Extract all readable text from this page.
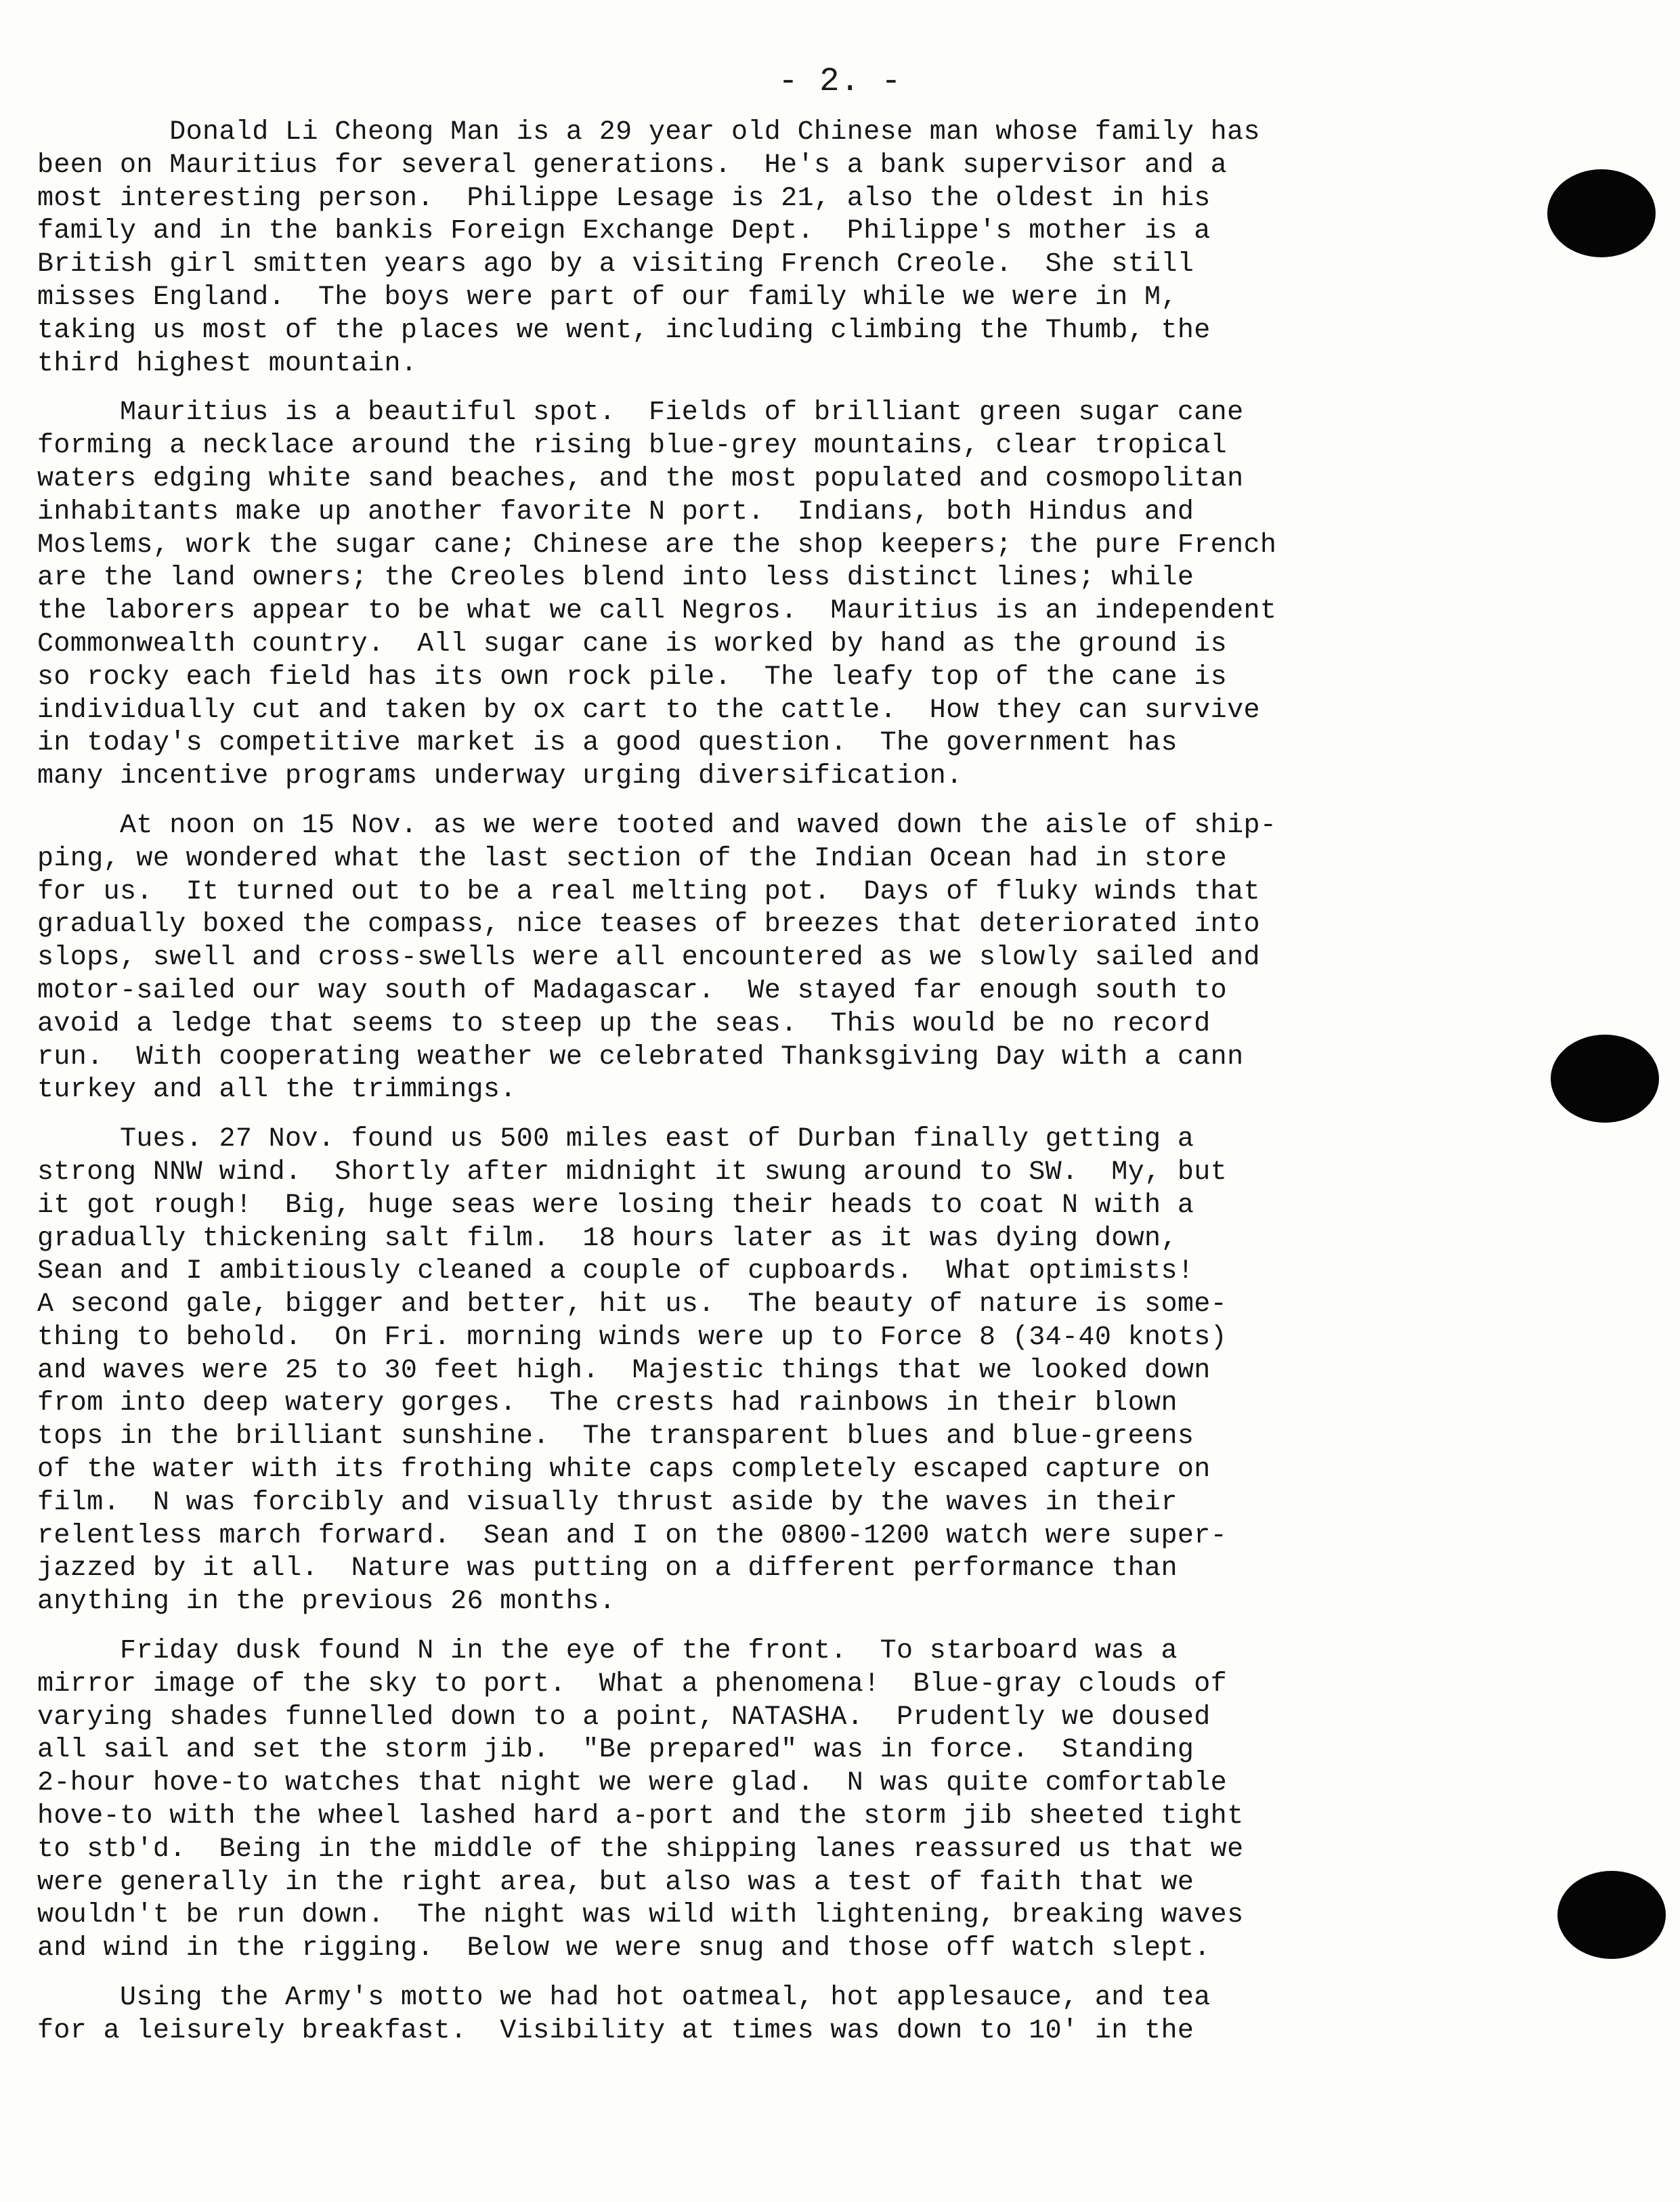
- 2. -

Donald Li Cheong Man is a 29 year old Chinese man whose family has
been on Mauritius for several generations.  He's a bank supervisor and a
most interesting person.  Philippe Lesage is 21, also the oldest in his
family and in the bankis Foreign Exchange Dept.  Philippe's mother is a
British girl smitten years ago by a visiting French Creole.  She still
misses England.  The boys were part of our family while we were in M,
taking us most of the places we went, including climbing the Thumb, the
third highest mountain.

Mauritius is a beautiful spot.  Fields of brilliant green sugar cane
forming a necklace around the rising blue-grey mountains, clear tropical
waters edging white sand beaches, and the most populated and cosmopolitan
inhabitants make up another favorite N port.  Indians, both Hindus and
Moslems, work the sugar cane; Chinese are the shop keepers; the pure French
are the land owners; the Creoles blend into less distinct lines; while
the laborers appear to be what we call Negros.  Mauritius is an independent
Commonwealth country.  All sugar cane is worked by hand as the ground is
so rocky each field has its own rock pile.  The leafy top of the cane is
individually cut and taken by ox cart to the cattle.  How they can survive
in today's competitive market is a good question.  The government has
many incentive programs underway urging diversification.

At noon on 15 Nov. as we were tooted and waved down the aisle of ship-
ping, we wondered what the last section of the Indian Ocean had in store
for us.  It turned out to be a real melting pot.  Days of fluky winds that
gradually boxed the compass, nice teases of breezes that deteriorated into
slops, swell and cross-swells were all encountered as we slowly sailed and
motor-sailed our way south of Madagascar.  We stayed far enough south to
avoid a ledge that seems to steep up the seas.  This would be no record
run.  With cooperating weather we celebrated Thanksgiving Day with a cann
turkey and all the trimmings.

Tues. 27 Nov. found us 500 miles east of Durban finally getting a
strong NNW wind.  Shortly after midnight it swung around to SW.  My, but
it got rough!  Big, huge seas were losing their heads to coat N with a
gradually thickening salt film.  18 hours later as it was dying down,
Sean and I ambitiously cleaned a couple of cupboards.  What optimists!
A second gale, bigger and better, hit us.  The beauty of nature is some-
thing to behold.  On Fri. morning winds were up to Force 8 (34-40 knots)
and waves were 25 to 30 feet high.  Majestic things that we looked down
from into deep watery gorges.  The crests had rainbows in their blown
tops in the brilliant sunshine.  The transparent blues and blue-greens
of the water with its frothing white caps completely escaped capture on
film.  N was forcibly and visually thrust aside by the waves in their
relentless march forward.  Sean and I on the 0800-1200 watch were super-
jazzed by it all.  Nature was putting on a different performance than
anything in the previous 26 months.

Friday dusk found N in the eye of the front.  To starboard was a
mirror image of the sky to port.  What a phenomena!  Blue-gray clouds of
varying shades funnelled down to a point, NATASHA.  Prudently we doused
all sail and set the storm jib.  "Be prepared" was in force.  Standing
2-hour hove-to watches that night we were glad.  N was quite comfortable
hove-to with the wheel lashed hard a-port and the storm jib sheeted tight
to stb'd.  Being in the middle of the shipping lanes reassured us that we
were generally in the right area, but also was a test of faith that we
wouldn't be run down.  The night was wild with lightening, breaking waves
and wind in the rigging.  Below we were snug and those off watch slept.

Using the Army's motto we had hot oatmeal, hot applesauce, and tea
for a leisurely breakfast.  Visibility at times was down to 10' in the
